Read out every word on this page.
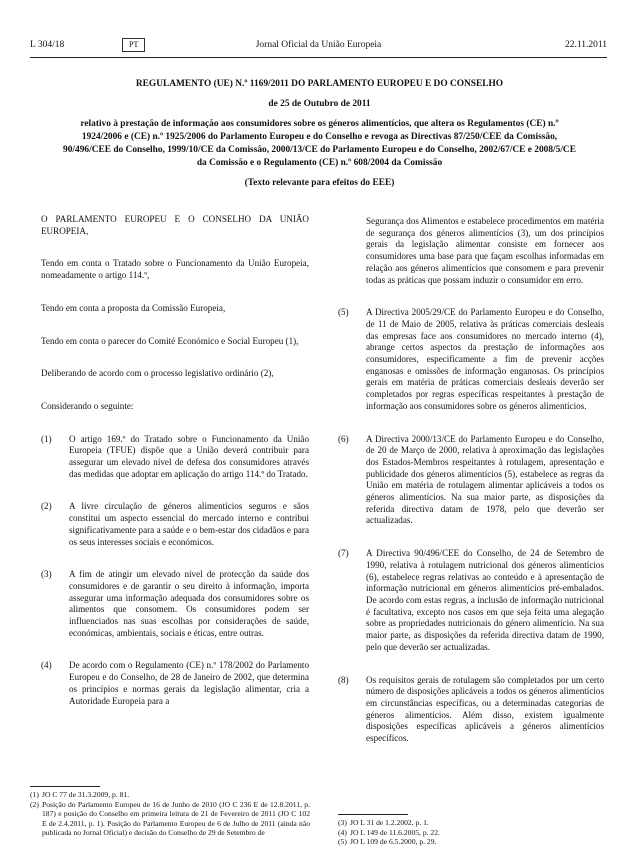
L 304/18	PT	Jornal Oficial da União Europeia	22.11.2011

REGULAMENTO (UE) N.º 1169/2011 DO PARLAMENTO EUROPEU E DO CONSELHO

de 25 de Outubro de 2011

relativo à prestação de informação aos consumidores sobre os géneros alimentícios, que altera os Regulamentos (CE) n.º 1924/2006 e (CE) n.º 1925/2006 do Parlamento Europeu e do Conselho e revoga as Directivas 87/250/CEE da Comissão, 90/496/CEE do Conselho, 1999/10/CE da Comissão, 2000/13/CE do Parlamento Europeu e do Conselho, 2002/67/CE e 2008/5/CE da Comissão e o Regulamento (CE) n.º 608/2004 da Comissão

(Texto relevante para efeitos do EEE)

O PARLAMENTO EUROPEU E O CONSELHO DA UNIÃO EUROPEIA,

Tendo em conta o Tratado sobre o Funcionamento da União Europeia, nomeadamente o artigo 114.º,

Tendo em conta a proposta da Comissão Europeia,

Tendo em conta o parecer do Comité Económico e Social Europeu (1),

Deliberando de acordo com o processo legislativo ordinário (2),

Considerando o seguinte:

(1) O artigo 169.º do Tratado sobre o Funcionamento da União Europeia (TFUE) dispõe que a União deverá contribuir para assegurar um elevado nível de defesa dos consumidores através das medidas que adoptar em aplicação do artigo 114.º do Tratado.
(2) A livre circulação de géneros alimentícios seguros e sãos constitui um aspecto essencial do mercado interno e contribui significativamente para a saúde e o bem-estar dos cidadãos e para os seus interesses sociais e económicos.
(3) A fim de atingir um elevado nível de protecção da saúde dos consumidores e de garantir o seu direito à informação, importa assegurar uma informação adequada dos consumidores sobre os alimentos que consomem. Os consumidores podem ser influenciados nas suas escolhas por considerações de saúde, económicas, ambientais, sociais e éticas, entre outras.
(4) De acordo com o Regulamento (CE) n.º 178/2002 do Parlamento Europeu e do Conselho, de 28 de Janeiro de 2002, que determina os princípios e normas gerais da legislação alimentar, cria a Autoridade Europeia para a
(1) JO C 77 de 31.3.2009, p. 81.
(2) Posição do Parlamento Europeu de 16 de Junho de 2010 (JO C 236 E de 12.8.2011, p. 187) e posição do Conselho em primeira leitura de 21 de Fevereiro de 2011 (JO C 102 E de 2.4.2011, p. 1). Posição do Parlamento Europeu de 6 de Julho de 2011 (ainda não publicada no Jornal Oficial) e decisão do Conselho de 29 de Setembro de

Segurança dos Alimentos e estabelece procedimentos em matéria de segurança dos géneros alimentícios (3), um dos princípios gerais da legislação alimentar consiste em fornecer aos consumidores uma base para que façam escolhas informadas em relação aos géneros alimentícios que consomem e para prevenir todas as práticas que possam induzir o consumidor em erro.

(5) A Directiva 2005/29/CE do Parlamento Europeu e do Conselho, de 11 de Maio de 2005, relativa às práticas comerciais desleais das empresas face aos consumidores no mercado interno (4), abrange certos aspectos da prestação de informações aos consumidores, especificamente a fim de prevenir acções enganosas e omissões de informação enganosas. Os princípios gerais em matéria de práticas comerciais desleais deverão ser completados por regras específicas respeitantes à prestação de informação aos consumidores sobre os géneros alimentícios.
(6) A Directiva 2000/13/CE do Parlamento Europeu e do Conselho, de 20 de Março de 2000, relativa à aproximação das legislações dos Estados-Membros respeitantes à rotulagem, apresentação e publicidade dos géneros alimentícios (5), estabelece as regras da União em matéria de rotulagem alimentar aplicáveis a todos os géneros alimentícios. Na sua maior parte, as disposições da referida directiva datam de 1978, pelo que deverão ser actualizadas.
(7) A Directiva 90/496/CEE do Conselho, de 24 de Setembro de 1990, relativa à rotulagem nutricional dos géneros alimentícios (6), estabelece regras relativas ao conteúdo e à apresentação de informação nutricional em géneros alimentícios pré-embalados. De acordo com estas regras, a inclusão de informação nutricional é facultativa, excepto nos casos em que seja feita uma alegação sobre as propriedades nutricionais do género alimentício. Na sua maior parte, as disposições da referida directiva datam de 1990, pelo que deverão ser actualizadas.
(8) Os requisitos gerais de rotulagem são completados por um certo número de disposições aplicáveis a todos os géneros alimentícios em circunstâncias específicas, ou a determinadas categorias de géneros alimentícios. Além disso, existem igualmente disposições específicas aplicáveis a géneros alimentícios específicos.
(3) JO L 31 de 1.2.2002, p. 1.
(4) JO L 149 de 11.6.2005, p. 22.
(5) JO L 109 de 6.5.2000, p. 29.
